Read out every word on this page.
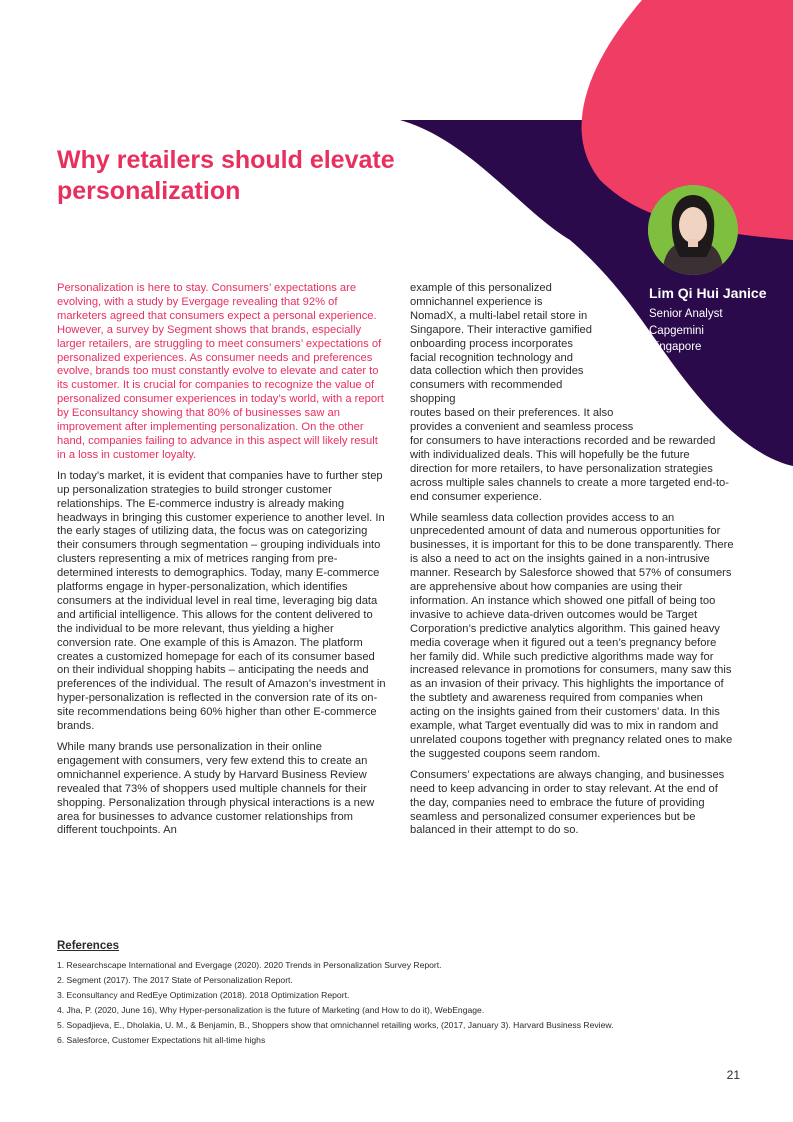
Why retailers should elevate personalization
Lim Qi Hui Janice
Senior Analyst
Capgemini
Singapore

Personalization is here to stay. Consumers’ expectations are evolving, with a study by Evergage revealing that 92% of marketers agreed that consumers expect a personal experience. However, a survey by Segment shows that brands, especially larger retailers, are struggling to meet consumers’ expectations of personalized experiences. As consumer needs and preferences evolve, brands too must constantly evolve to elevate and cater to its customer. It is crucial for companies to recognize the value of personalized consumer experiences in today’s world, with a report by Econsultancy showing that 80% of businesses saw an improvement after implementing personalization. On the other hand, companies failing to advance in this aspect will likely result in a loss in customer loyalty.

In today’s market, it is evident that companies have to further step up personalization strategies to build stronger customer relationships. The E-commerce industry is already making headways in bringing this customer experience to another level. In the early stages of utilizing data, the focus was on categorizing their consumers through segmentation – grouping individuals into clusters representing a mix of metrices ranging from pre-determined interests to demographics. Today, many E-commerce platforms engage in hyper-personalization, which identifies consumers at the individual level in real time, leveraging big data and artificial intelligence. This allows for the content delivered to the individual to be more relevant, thus yielding a higher conversion rate. One example of this is Amazon. The platform creates a customized homepage for each of its consumer based on their individual shopping habits – anticipating the needs and preferences of the individual. The result of Amazon’s investment in hyper-personalization is reflected in the conversion rate of its on-site recommendations being 60% higher than other E-commerce brands.

While many brands use personalization in their online engagement with consumers, very few extend this to create an omnichannel experience. A study by Harvard Business Review revealed that 73% of shoppers used multiple channels for their shopping. Personalization through physical interactions is a new area for businesses to advance customer relationships from different touchpoints. An

example of this personalized
omnichannel experience is
NomadX, a multi-label retail store in
Singapore. Their interactive gamified
onboarding process incorporates
facial recognition technology and
data collection which then provides
consumers with recommended shopping
routes based on their preferences. It also
provides a convenient and seamless process

for consumers to have interactions recorded and be rewarded with individualized deals. This will hopefully be the future direction for more retailers, to have personalization strategies across multiple sales channels to create a more targeted end-to-end consumer experience.

While seamless data collection provides access to an unprecedented amount of data and numerous opportunities for businesses, it is important for this to be done transparently. There is also a need to act on the insights gained in a non-intrusive manner. Research by Salesforce showed that 57% of consumers are apprehensive about how companies are using their information. An instance which showed one pitfall of being too invasive to achieve data-driven outcomes would be Target Corporation’s predictive analytics algorithm. This gained heavy media coverage when it figured out a teen’s pregnancy before her family did. While such predictive algorithms made way for increased relevance in promotions for consumers, many saw this as an invasion of their privacy. This highlights the importance of the subtlety and awareness required from companies when acting on the insights gained from their customers’ data. In this example, what Target eventually did was to mix in random and unrelated coupons together with pregnancy related ones to make the suggested coupons seem random.

Consumers’ expectations are always changing, and businesses need to keep advancing in order to stay relevant. At the end of the day, companies need to embrace the future of providing seamless and personalized consumer experiences but be balanced in their attempt to do so.

References
1. Researchscape International and Evergage (2020). 2020 Trends in Personalization Survey Report.
2. Segment (2017). The 2017 State of Personalization Report.
3. Econsultancy and RedEye Optimization (2018). 2018 Optimization Report.
4. Jha, P. (2020, June 16), Why Hyper-personalization is the future of Marketing (and How to do it), WebEngage.
5. Sopadjieva, E., Dholakia, U. M., & Benjamin, B., Shoppers show that omnichannel retailing works, (2017, January 3). Harvard Business Review.
6. Salesforce, Customer Expectations hit all-time highs
21
